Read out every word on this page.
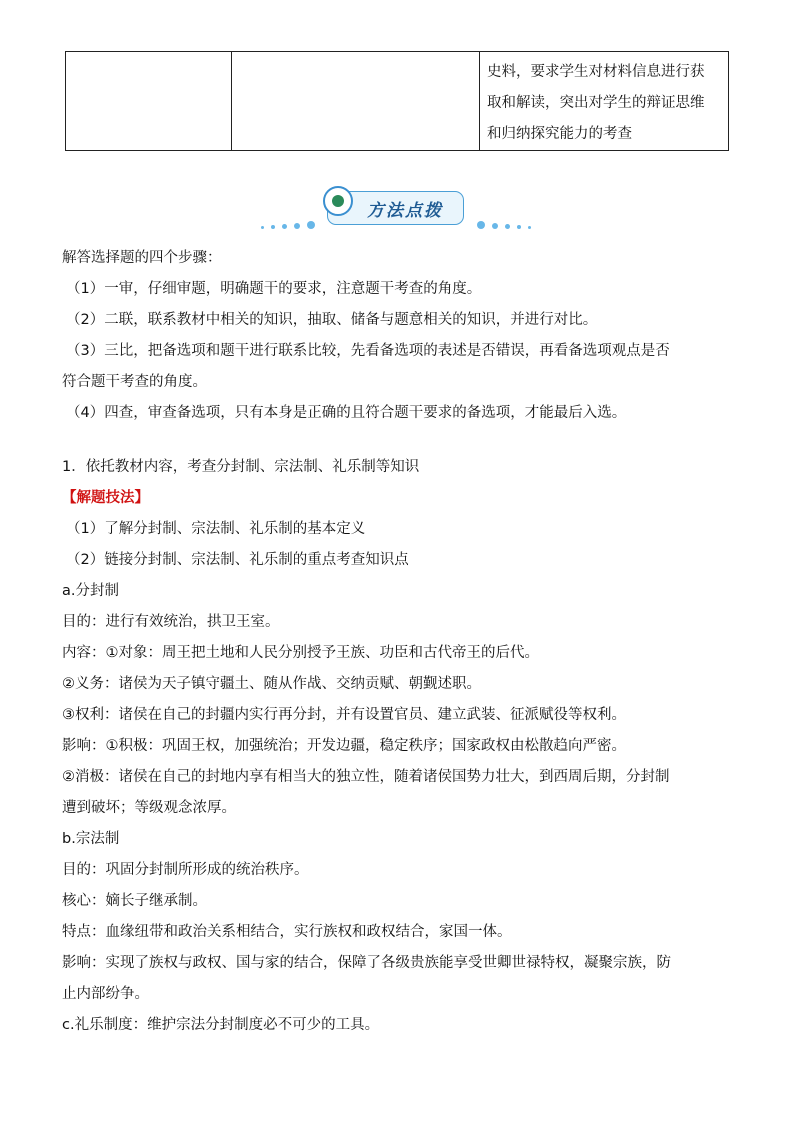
史料，要求学生对材料信息进行获
取和解读，突出对学生的辩证思维
和归纳探究能力的考查
方法点拨
解答选择题的四个步骤：
（1）一审，仔细审题，明确题干的要求，注意题干考查的角度。
（2）二联，联系教材中相关的知识，抽取、储备与题意相关的知识，并进行对比。
（3）三比，把备选项和题干进行联系比较，先看备选项的表述是否错误，再看备选项观点是否
符合题干考查的角度。
（4）四查，审查备选项，只有本身是正确的且符合题干要求的备选项，才能最后入选。
1．依托教材内容，考查分封制、宗法制、礼乐制等知识
【解题技法】
（1）了解分封制、宗法制、礼乐制的基本定义
（2）链接分封制、宗法制、礼乐制的重点考查知识点
a.分封制
目的：进行有效统治，拱卫王室。
内容：①对象：周王把土地和人民分别授予王族、功臣和古代帝王的后代。
②义务：诸侯为天子镇守疆土、随从作战、交纳贡赋、朝觐述职。
③权利：诸侯在自己的封疆内实行再分封，并有设置官员、建立武装、征派赋役等权利。
影响：①积极：巩固王权，加强统治；开发边疆，稳定秩序；国家政权由松散趋向严密。
②消极：诸侯在自己的封地内享有相当大的独立性，随着诸侯国势力壮大，到西周后期，分封制
遭到破坏；等级观念浓厚。
b.宗法制
目的：巩固分封制所形成的统治秩序。
核心：嫡长子继承制。
特点：血缘纽带和政治关系相结合，实行族权和政权结合，家国一体。
影响：实现了族权与政权、国与家的结合，保障了各级贵族能享受世卿世禄特权，凝聚宗族，防
止内部纷争。
c.礼乐制度：维护宗法分封制度必不可少的工具。
